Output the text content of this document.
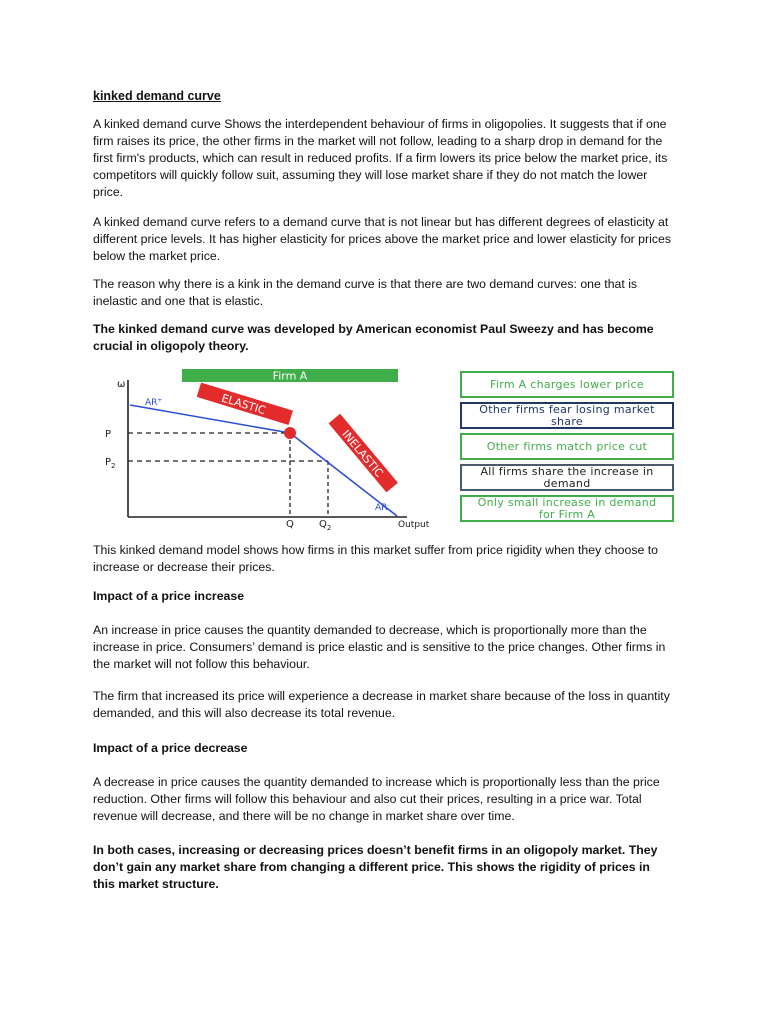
kinked demand curve

A kinked demand curve Shows the interdependent behaviour of firms in oligopolies. It suggests that if one firm raises its price, the other firms in the market will not follow, leading to a sharp drop in demand for the first firm's products, which can result in reduced profits. If a firm lowers its price below the market price, its competitors will quickly follow suit, assuming they will lose market share if they do not match the lower price.

A kinked demand curve refers to a demand curve that is not linear but has different degrees of elasticity at different price levels. It has higher elasticity for prices above the market price and lower elasticity for prices below the market price.

The reason why there is a kink in the demand curve is that there are two demand curves: one that is inelastic and one that is elastic.

The kinked demand curve was developed by American economist Paul Sweezy and has become crucial in oligopoly theory.

This kinked demand model shows how firms in this market suffer from price rigidity when they choose to increase or decrease their prices.

Impact of a price increase

An increase in price causes the quantity demanded to decrease, which is proportionally more than the increase in price. Consumers’ demand is price elastic and is sensitive to the price changes. Other firms in the market will not follow this behaviour.

The firm that increased its price will experience a decrease in market share because of the loss in quantity demanded, and this will also decrease its total revenue.

Impact of a price decrease

A decrease in price causes the quantity demanded to increase which is proportionally less than the price reduction. Other firms will follow this behaviour and also cut their prices, resulting in a price war. Total revenue will decrease, and there will be no change in market share over time.

In both cases, increasing or decreasing prices doesn’t benefit firms in an oligopoly market. They don’t gain any market share from changing a different price. This shows the rigidity of prices in this market structure.

Firm A
ω
ELASTIC
INELASTIC
AR+
AR-
P
$P_2$
Q	$Q_2$	Output
Firm A charges lower price
Other firms fear losing market share
Other firms match price cut
All firms share the increase in demand
Only small increase in demand for Firm A
